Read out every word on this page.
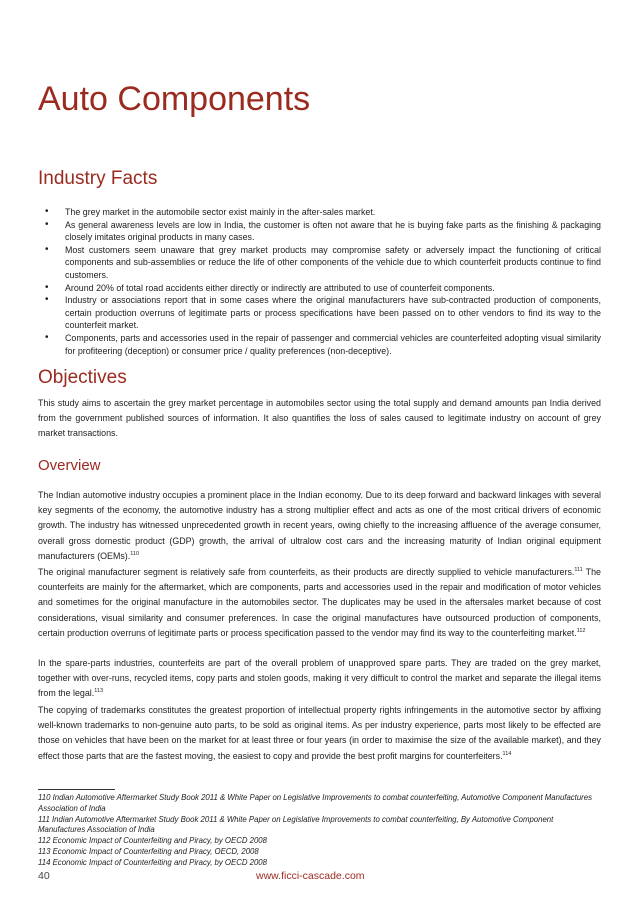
Auto Components
Industry Facts
• The grey market in the automobile sector exist mainly in the after-sales market.
• As general awareness levels are low in India, the customer is often not aware that he is buying fake parts as the finishing & packaging closely imitates original products in many cases.
• Most customers seem unaware that grey market products may compromise safety or adversely impact the functioning of critical components and sub-assemblies or reduce the life of other components of the vehicle due to which counterfeit products continue to find customers.
• Around 20% of total road accidents either directly or indirectly are attributed to use of counterfeit components.
• Industry or associations report that in some cases where the original manufacturers have sub-contracted production of components, certain production overruns of legitimate parts or process specifications have been passed on to other vendors to find its way to the counterfeit market.
• Components, parts and accessories used in the repair of passenger and commercial vehicles are counterfeited adopting visual similarity for profiteering (deception) or consumer price / quality preferences (non-deceptive).
Objectives
This study aims to ascertain the grey market percentage in automobiles sector using the total supply and demand amounts pan India derived from the government published sources of information. It also quantifies the loss of sales caused to legitimate industry on account of grey market transactions.
Overview
The Indian automotive industry occupies a prominent place in the Indian economy. Due to its deep forward and backward linkages with several key segments of the economy, the automotive industry has a strong multiplier effect and acts as one of the most critical drivers of economic growth. The industry has witnessed unprecedented growth in recent years, owing chiefly to the increasing affluence of the average consumer, overall gross domestic product (GDP) growth, the arrival of ultralow cost cars and the increasing maturity of Indian original equipment manufacturers (OEMs).$^{110}$
The original manufacturer segment is relatively safe from counterfeits, as their products are directly supplied to vehicle manufacturers.$^{111}$ The counterfeits are mainly for the aftermarket, which are components, parts and accessories used in the repair and modification of motor vehicles and sometimes for the original manufacture in the automobiles sector. The duplicates may be used in the aftersales market because of cost considerations, visual similarity and consumer preferences. In case the original manufactures have outsourced production of components, certain production overruns of legitimate parts or process specification passed to the vendor may find its way to the counterfeiting market.$^{112}$
In the spare-parts industries, counterfeits are part of the overall problem of unapproved spare parts. They are traded on the grey market, together with over-runs, recycled items, copy parts and stolen goods, making it very difficult to control the market and separate the illegal items from the legal.$^{113}$
The copying of trademarks constitutes the greatest proportion of intellectual property rights infringements in the automotive sector by affixing well-known trademarks to non-genuine auto parts, to be sold as original items. As per industry experience, parts most likely to be effected are those on vehicles that have been on the market for at least three or four years (in order to maximise the size of the available market), and they effect those parts that are the fastest moving, the easiest to copy and provide the best profit margins for counterfeiters.$^{114}$
110 Indian Automotive Aftermarket Study Book 2011 & White Paper on Legislative Improvements to combat counterfeiting, Automotive Component Manufactures Association of India
111 Indian Automotive Aftermarket Study Book 2011 & White Paper on Legislative Improvements to combat counterfeiting, By Automotive Component Manufactures Association of India
112 Economic Impact of Counterfeiting and Piracy, by OECD 2008
113 Economic Impact of Counterfeiting and Piracy, OECD, 2008
114 Economic Impact of Counterfeiting and Piracy, by OECD 2008
40	www.ficci-cascade.com
